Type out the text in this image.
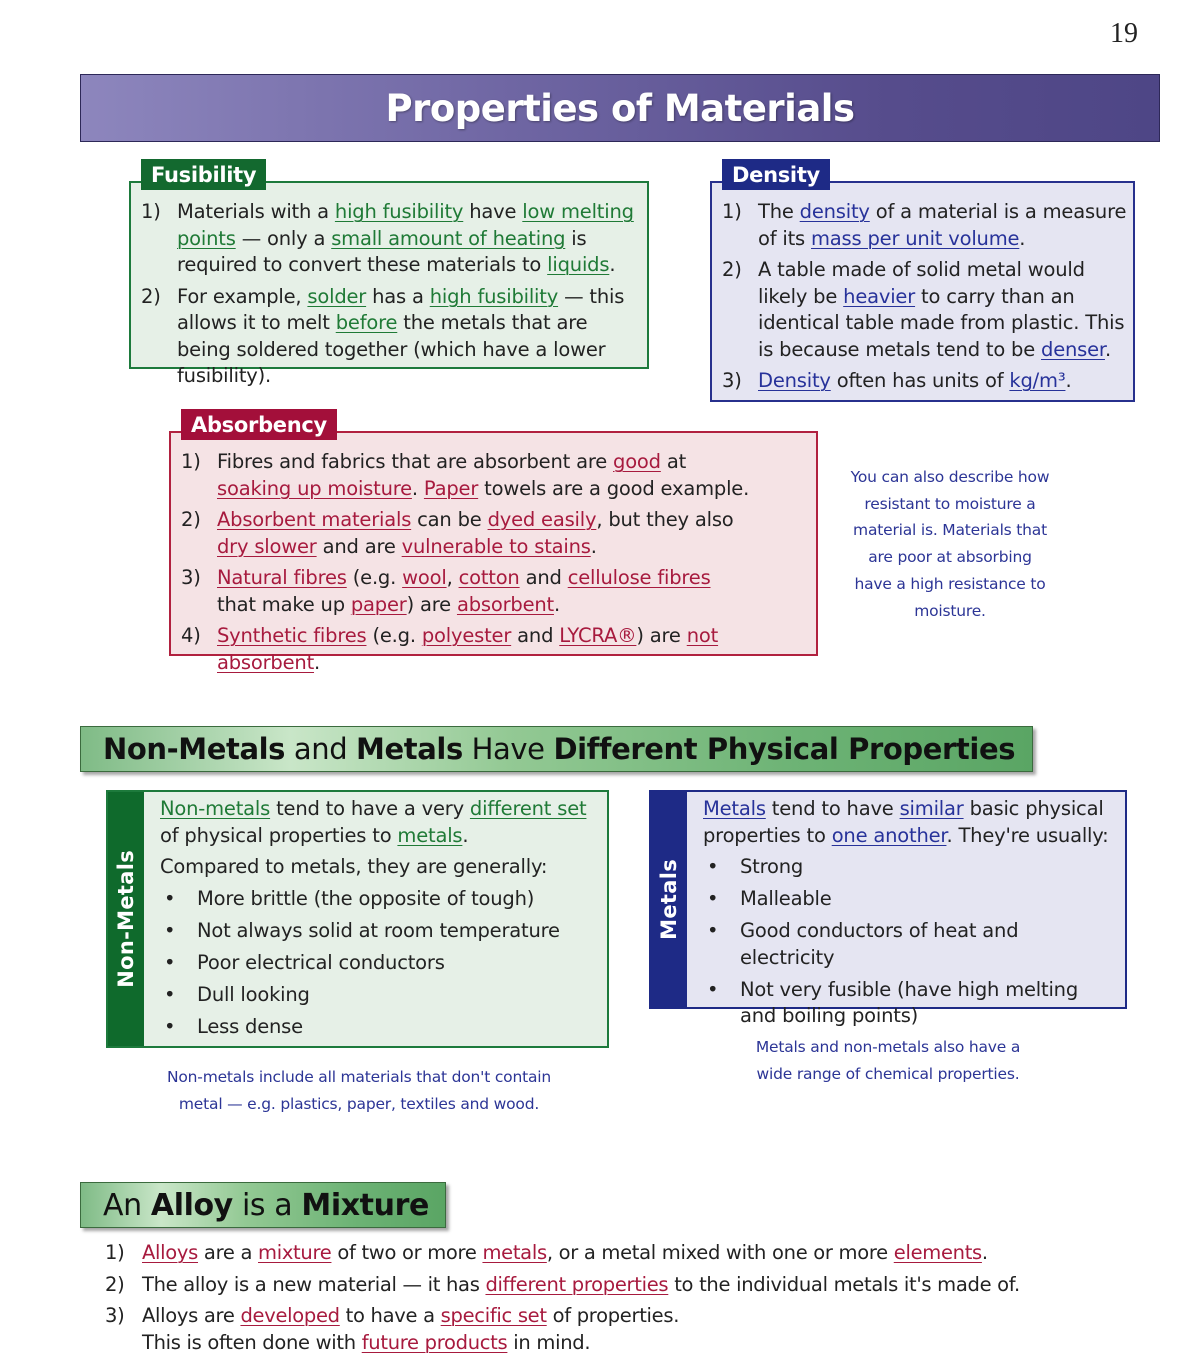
19
Properties of Materials
Fusibility
1) Materials with a high fusibility have low melting points — only a small amount of heating is required to convert these materials to liquids.
2) For example, solder has a high fusibility — this allows it to melt before the metals that are being soldered together (which have a lower fusibility).
Density
1) The density of a material is a measure of its mass per unit volume.
2) A table made of solid metal would likely be heavier to carry than an identical table made from plastic. This is because metals tend to be denser.
3) Density often has units of kg/m³.
Absorbency
1) Fibres and fabrics that are absorbent are good at
soaking up moisture. Paper towels are a good example.
2) Absorbent materials can be dyed easily, but they also
dry slower and are vulnerable to stains.
3) Natural fibres (e.g. wool, cotton and cellulose fibres
that make up paper) are absorbent.
4) Synthetic fibres (e.g. polyester and LYCRA®) are not absorbent.
You can also describe how resistant to moisture a material is. Materials that are poor at absorbing have a high resistance to moisture.
Non-Metals and Metals Have Different Physical Properties
Non-Metals

Non-metals tend to have a very different set of physical properties to metals.

Compared to metals, they are generally:

•	More brittle (the opposite of tough)
•	Not always solid at room temperature
•	Poor electrical conductors
•	Dull looking
•	Less dense
Non-metals include all materials that don't contain metal — e.g. plastics, paper, textiles and wood.
Metals

Metals tend to have similar basic physical properties to one another. They're usually:

•	Strong
•	Malleable
•	Good conductors of heat and electricity
•	Not very fusible (have high melting and boiling points)
Metals and non-metals also have a wide range of chemical properties.
An Alloy is a Mixture
1) Alloys are a mixture of two or more metals, or a metal mixed with one or more elements.
2) The alloy is a new material — it has different properties to the individual metals it's made of.
3) Alloys are developed to have a specific set of properties.
This is often done with future products in mind.
